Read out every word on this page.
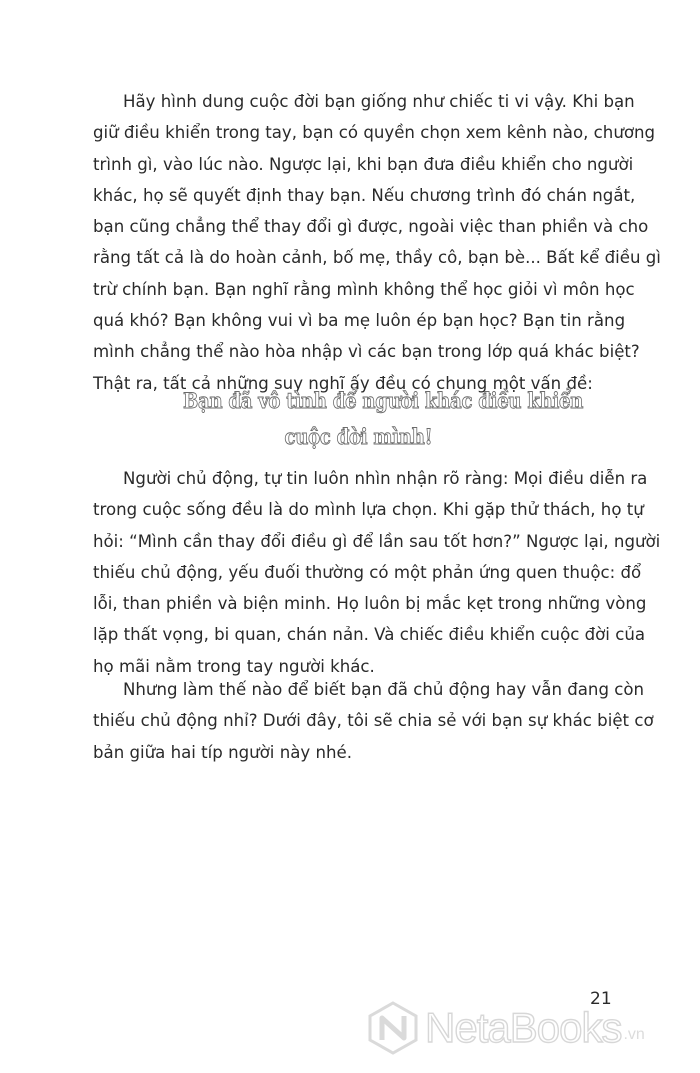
Hãy hình dung cuộc đời bạn giống như chiếc ti vi vậy. Khi bạn
giữ điều khiển trong tay, bạn có quyền chọn xem kênh nào, chương
trình gì, vào lúc nào. Ngược lại, khi bạn đưa điều khiển cho người
khác, họ sẽ quyết định thay bạn. Nếu chương trình đó chán ngắt,
bạn cũng chẳng thể thay đổi gì được, ngoài việc than phiền và cho
rằng tất cả là do hoàn cảnh, bố mẹ, thầy cô, bạn bè... Bất kể điều gì
trừ chính bạn. Bạn nghĩ rằng mình không thể học giỏi vì môn học
quá khó? Bạn không vui vì ba mẹ luôn ép bạn học? Bạn tin rằng
mình chẳng thể nào hòa nhập vì các bạn trong lớp quá khác biệt?
Thật ra, tất cả những suy nghĩ ấy đều có chung một vấn đề:

Bạn đã vô tình để người khác điều khiển
cuộc đời mình!

Người chủ động, tự tin luôn nhìn nhận rõ ràng: Mọi điều diễn ra
trong cuộc sống đều là do mình lựa chọn. Khi gặp thử thách, họ tự
hỏi: “Mình cần thay đổi điều gì để lần sau tốt hơn?” Ngược lại, người
thiếu chủ động, yếu đuối thường có một phản ứng quen thuộc: đổ
lỗi, than phiền và biện minh. Họ luôn bị mắc kẹt trong những vòng
lặp thất vọng, bi quan, chán nản. Và chiếc điều khiển cuộc đời của
họ mãi nằm trong tay người khác.

Nhưng làm thế nào để biết bạn đã chủ động hay vẫn đang còn
thiếu chủ động nhỉ? Dưới đây, tôi sẽ chia sẻ với bạn sự khác biệt cơ
bản giữa hai típ người này nhé.

21
NetaBooks .vn
